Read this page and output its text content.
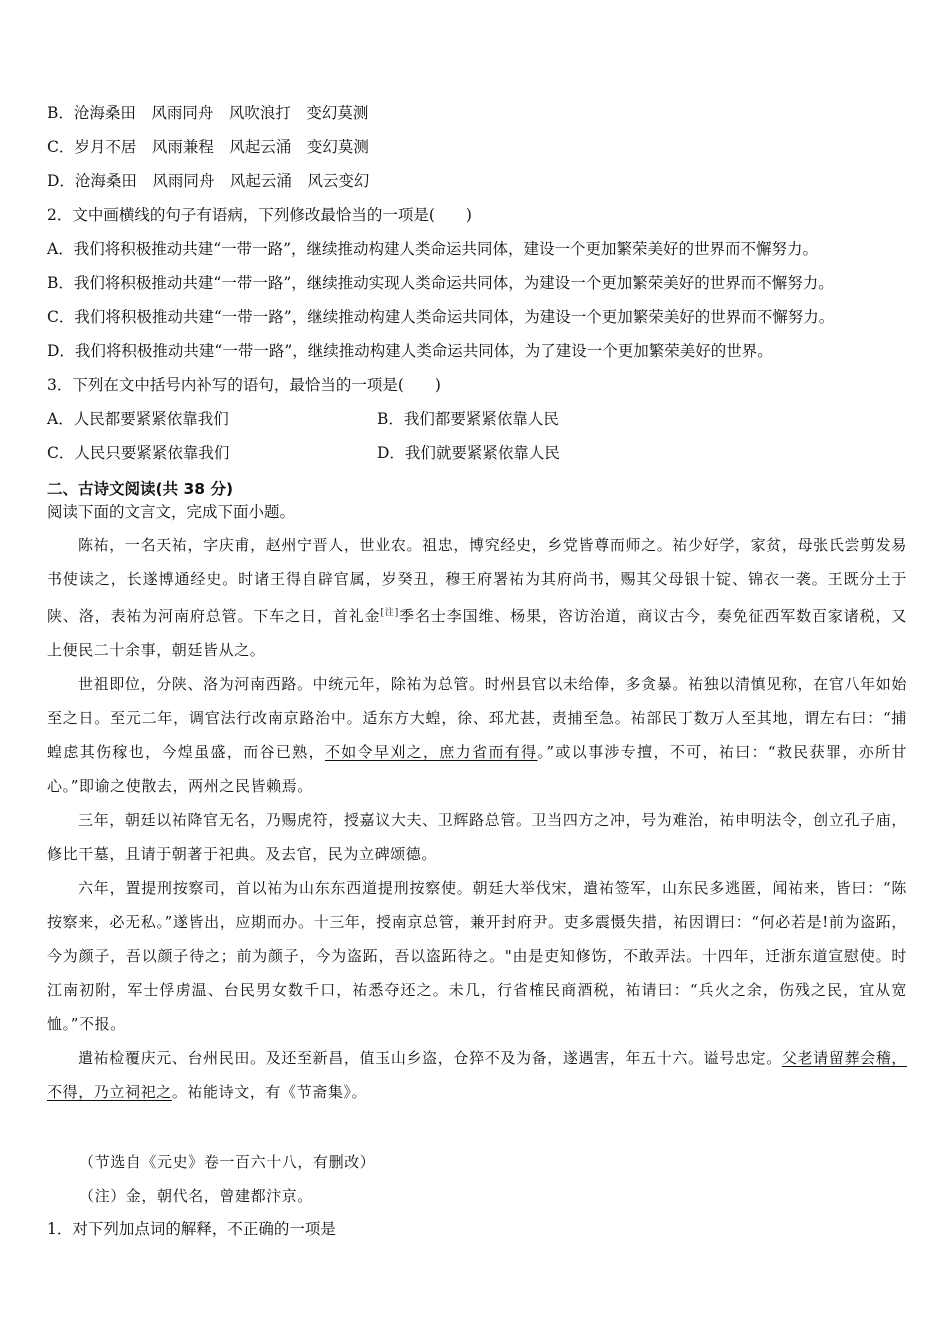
B．沧海桑田　风雨同舟　风吹浪打　变幻莫测
C．岁月不居　风雨兼程　风起云涌　变幻莫测
D．沧海桑田　风雨同舟　风起云涌　风云变幻
2．文中画横线的句子有语病，下列修改最恰当的一项是(　　)
A．我们将积极推动共建“一带一路”，继续推动构建人类命运共同体，建设一个更加繁荣美好的世界而不懈努力。
B．我们将积极推动共建“一带一路”，继续推动实现人类命运共同体，为建设一个更加繁荣美好的世界而不懈努力。
C．我们将积极推动共建“一带一路”，继续推动构建人类命运共同体，为建设一个更加繁荣美好的世界而不懈努力。
D．我们将积极推动共建“一带一路”，继续推动构建人类命运共同体，为了建设一个更加繁荣美好的世界。
3．下列在文中括号内补写的语句，最恰当的一项是(　　)
A．人民都要紧紧依靠我们	B．我们都要紧紧依靠人民
C．人民只要紧紧依靠我们	D．我们就要紧紧依靠人民
二、古诗文阅读(共 38 分)
阅读下面的文言文，完成下面小题。

陈祐，一名天祐，字庆甫，赵州宁晋人，世业农。祖忠，博究经史，乡党皆尊而师之。祐少好学，家贫，母张氏尝剪发易书使读之，长遂博通经史。时诸王得自辟官属，岁癸丑，穆王府署祐为其府尚书，赐其父母银十锭、锦衣一袭。王既分土于陕、洛，表祐为河南府总管。下车之日，首礼金[注]季名士李国维、杨果，咨访治道，商议古今，奏免征西军数百家诸税，又上便民二十余事，朝廷皆从之。

世祖即位，分陕、洛为河南西路。中统元年，除祐为总管。时州县官以未给俸，多贪暴。祐独以清慎见称，在官八年如始至之日。至元二年，调官法行改南京路治中。适东方大蝗，徐、邳尤甚，责捕至急。祐部民丁数万人至其地，谓左右曰：“捕蝗虑其伤稼也，今煌虽盛，而谷已熟，不如令早刈之，庶力省而有得。”或以事涉专擅，不可，祐曰：“救民获罪，亦所甘心。”即谕之使散去，两州之民皆赖焉。

三年，朝廷以祐降官无名，乃赐虎符，授嘉议大夫、卫辉路总管。卫当四方之冲，号为难治，祐申明法令，创立孔子庙，修比干墓，且请于朝著于祀典。及去官，民为立碑颂德。

六年，置提刑按察司，首以祐为山东东西道提刑按察使。朝廷大举伐宋，遣祐签军，山东民多逃匿，闻祐来，皆曰：“陈按察来，必无私。”遂皆出，应期而办。十三年，授南京总管，兼开封府尹。吏多震慑失措，祐因谓曰：“何必若是!前为盗跖，今为颜子，吾以颜子待之；前为颜子，今为盗跖，吾以盗跖待之。"由是吏知修饬，不敢弄法。十四年，迁浙东道宣慰使。时江南初附，军士俘虏温、台民男女数千口，祐悉夺还之。未几，行省榷民商酒税，祐请曰：“兵火之余，伤残之民，宜从宽恤。”不报。

遣祐检覆庆元、台州民田。及还至新昌，值玉山乡盗，仓猝不及为备，遂遇害，年五十六。谥号忠定。父老请留葬会稽，不得，乃立祠祀之。祐能诗文，有《节斋集》。

（节选自《元史》卷一百六十八，有删改）
（注）金，朝代名，曾建都汴京。
1．对下列加点词的解释，不正确的一项是
